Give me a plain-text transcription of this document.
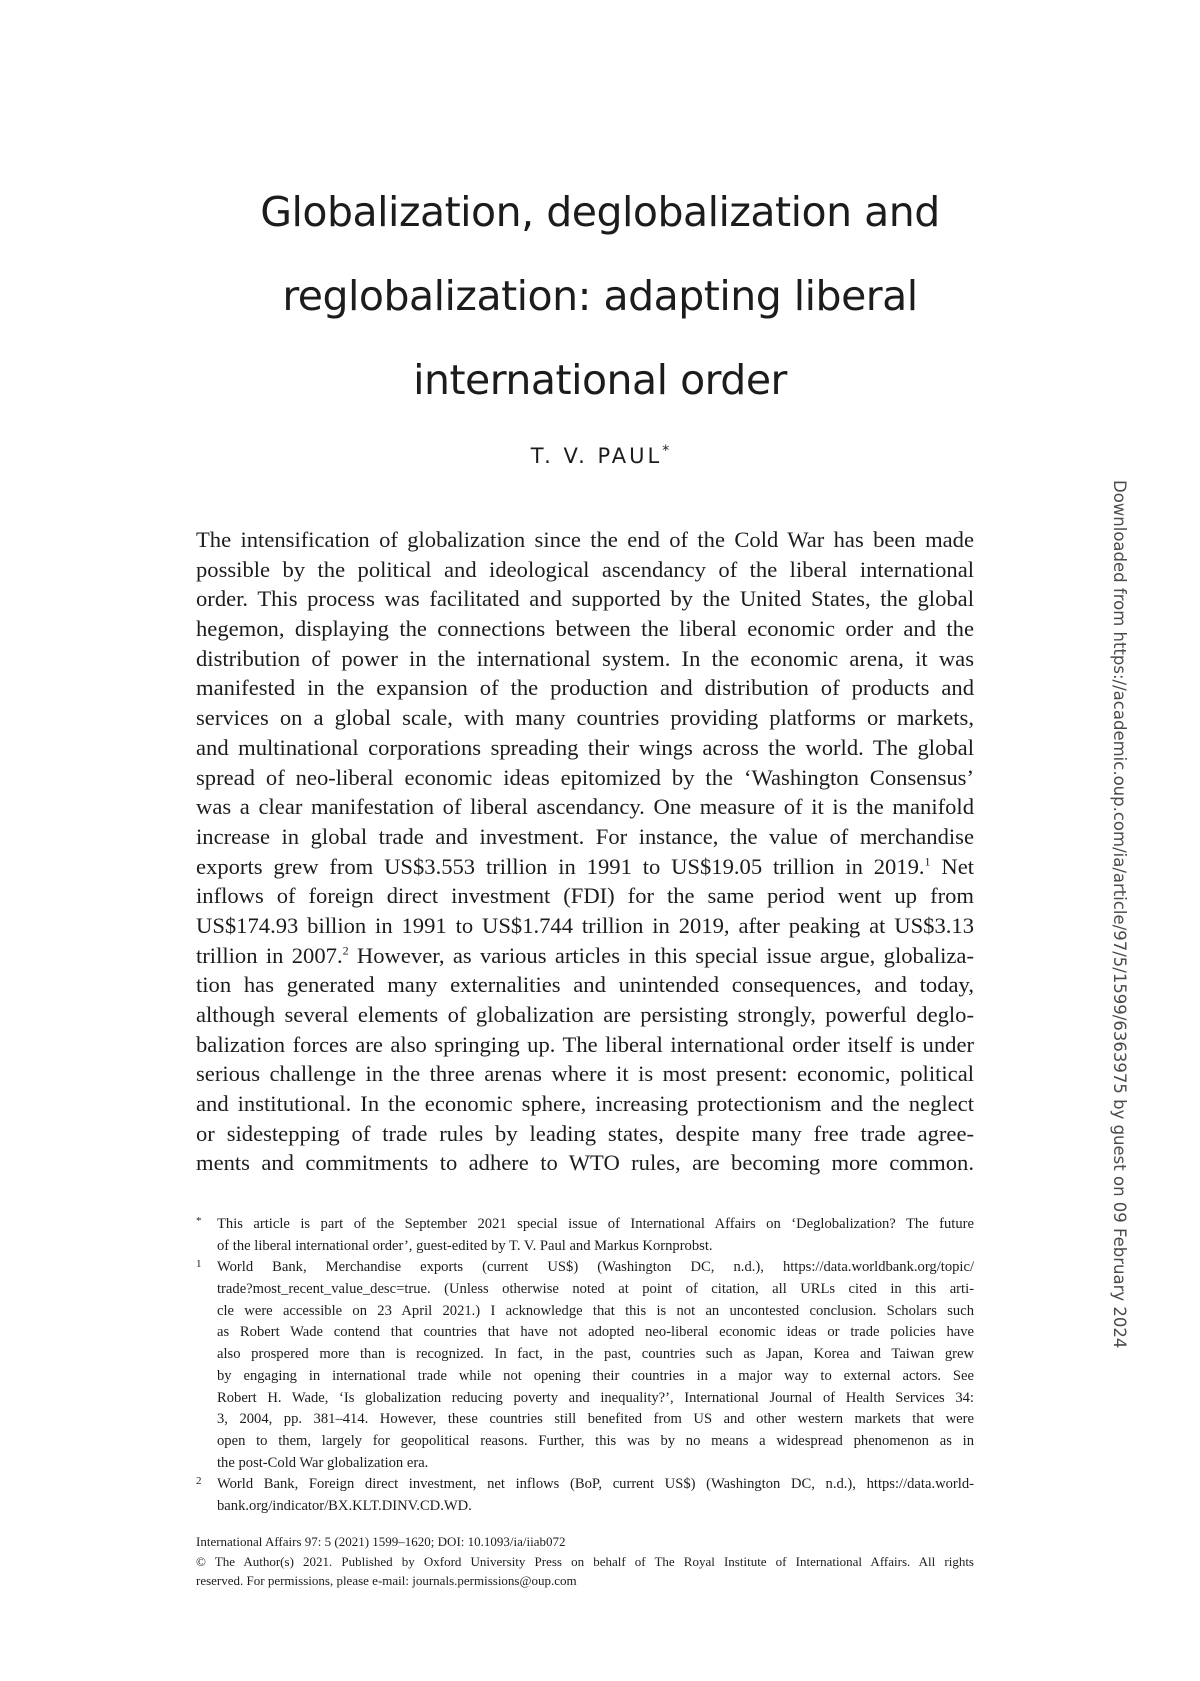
Globalization, deglobalization and
reglobalization: adapting liberal
international order
T. V. PAUL*
The intensification of globalization since the end of the Cold War has been made
possible by the political and ideological ascendancy of the liberal international
order. This process was facilitated and supported by the United States, the global
hegemon, displaying the connections between the liberal economic order and the
distribution of power in the international system. In the economic arena, it was
manifested in the expansion of the production and distribution of products and
services on a global scale, with many countries providing platforms or markets,
and multinational corporations spreading their wings across the world. The global
spread of neo-liberal economic ideas epitomized by the ‘Washington Consensus’
was a clear manifestation of liberal ascendancy. One measure of it is the manifold
increase in global trade and investment. For instance, the value of merchandise
exports grew from US$3.553 trillion in 1991 to US$19.05 trillion in 2019.$^1$ Net
inflows of foreign direct investment (FDI) for the same period went up from
US$174.93 billion in 1991 to US$1.744 trillion in 2019, after peaking at US$3.13
trillion in 2007.$^2$ However, as various articles in this special issue argue, globaliza-
tion has generated many externalities and unintended consequences, and today,
although several elements of globalization are persisting strongly, powerful deglo-
balization forces are also springing up. The liberal international order itself is under
serious challenge in the three arenas where it is most present: economic, political
and institutional. In the economic sphere, increasing protectionism and the neglect
or sidestepping of trade rules by leading states, despite many free trade agree-
ments and commitments to adhere to WTO rules, are becoming more common.
* This article is part of the September 2021 special issue of International Affairs on ‘Deglobalization? The future
of the liberal international order’, guest-edited by T. V. Paul and Markus Kornprobst.
1 World Bank, Merchandise exports (current US$) (Washington DC, n.d.), https://data.worldbank.org/topic/
trade?most_recent_value_desc=true. (Unless otherwise noted at point of citation, all URLs cited in this arti-
cle were accessible on 23 April 2021.) I acknowledge that this is not an uncontested conclusion. Scholars such
as Robert Wade contend that countries that have not adopted neo-liberal economic ideas or trade policies have
also prospered more than is recognized. In fact, in the past, countries such as Japan, Korea and Taiwan grew
by engaging in international trade while not opening their countries in a major way to external actors. See
Robert H. Wade, ‘Is globalization reducing poverty and inequality?’, International Journal of Health Services 34:
3, 2004, pp. 381–414. However, these countries still benefited from US and other western markets that were
open to them, largely for geopolitical reasons. Further, this was by no means a widespread phenomenon as in
the post-Cold War globalization era.
2 World Bank, Foreign direct investment, net inflows (BoP, current US$) (Washington DC, n.d.), https://data.world-
bank.org/indicator/BX.KLT.DINV.CD.WD.
International Affairs 97: 5 (2021) 1599–1620; DOI: 10.1093/ia/iiab072
© The Author(s) 2021. Published by Oxford University Press on behalf of The Royal Institute of International Affairs. All rights
reserved. For permissions, please e-mail: journals.permissions@oup.com
Downloaded from https://academic.oup.com/ia/article/97/5/1599/6363975 by guest on 09 February 2024
